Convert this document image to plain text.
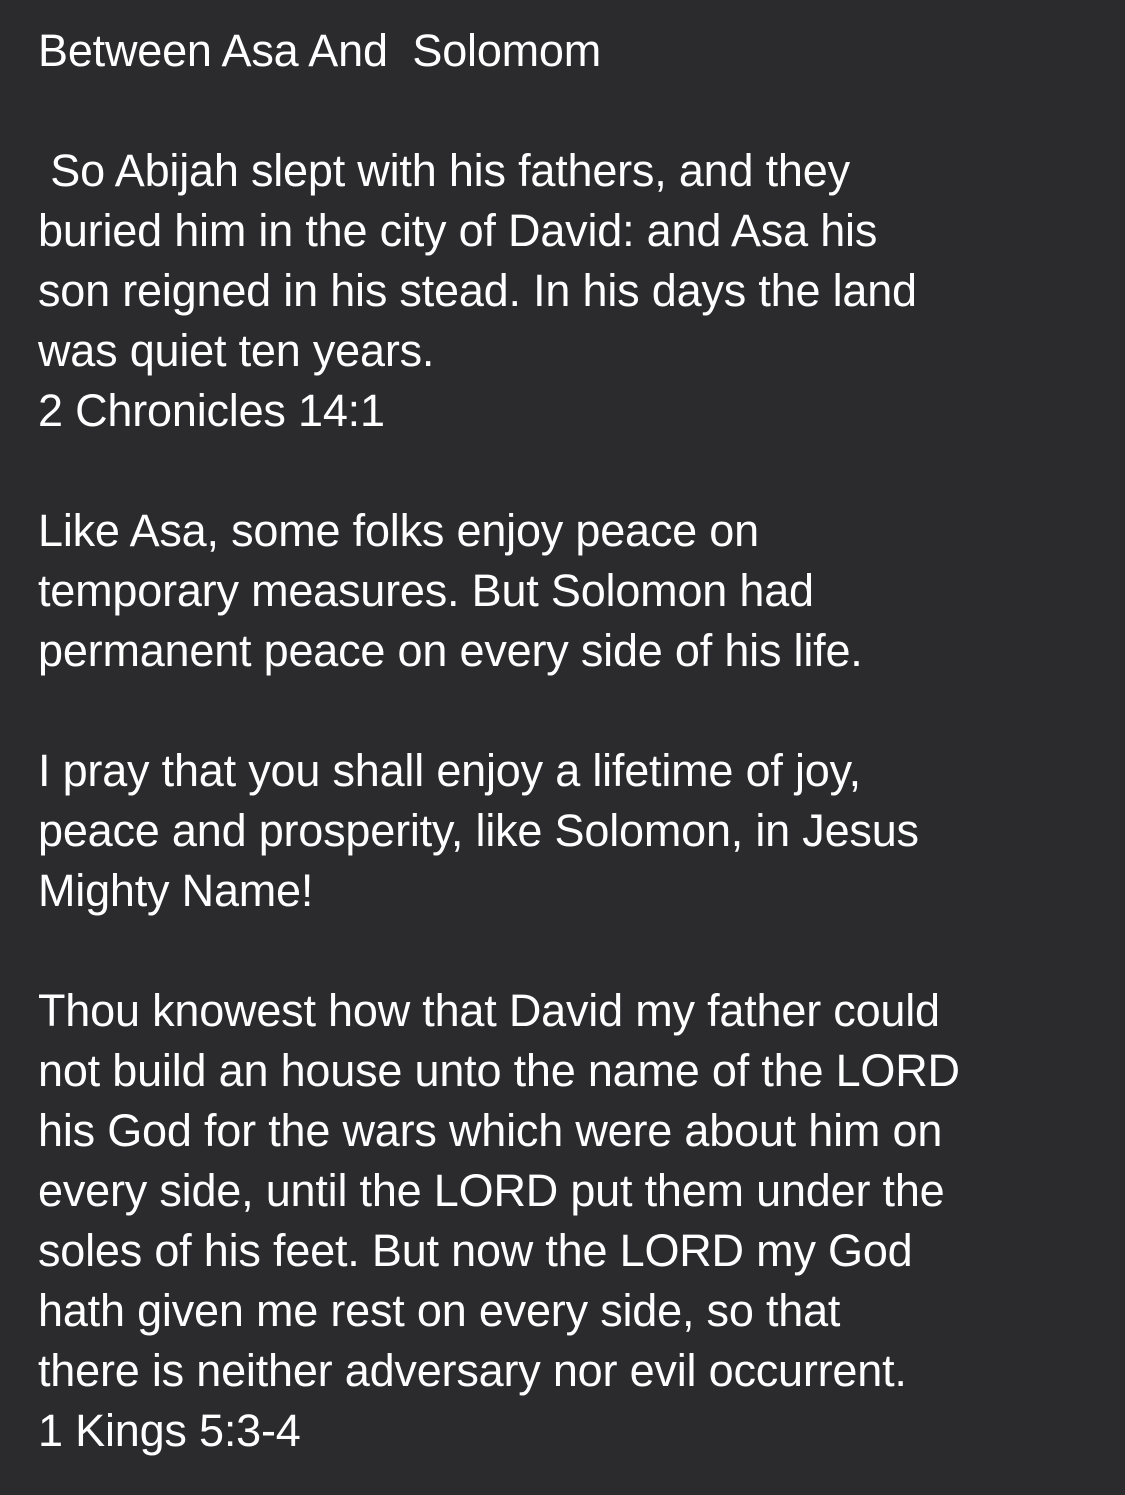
Between Asa And  Solomom
So Abijah slept with his fathers, and they
buried him in the city of David: and Asa his
son reigned in his stead. In his days the land
was quiet ten years.
2 Chronicles 14:1
Like Asa, some folks enjoy peace on
temporary measures. But Solomon had
permanent peace on every side of his life.
I pray that you shall enjoy a lifetime of joy,
peace and prosperity, like Solomon, in Jesus
Mighty Name!
Thou knowest how that David my father could
not build an house unto the name of the LORD
his God for the wars which were about him on
every side, until the LORD put them under the
soles of his feet. But now the LORD my God
hath given me rest on every side, so that
there is neither adversary nor evil occurrent.
1 Kings 5:3-4
